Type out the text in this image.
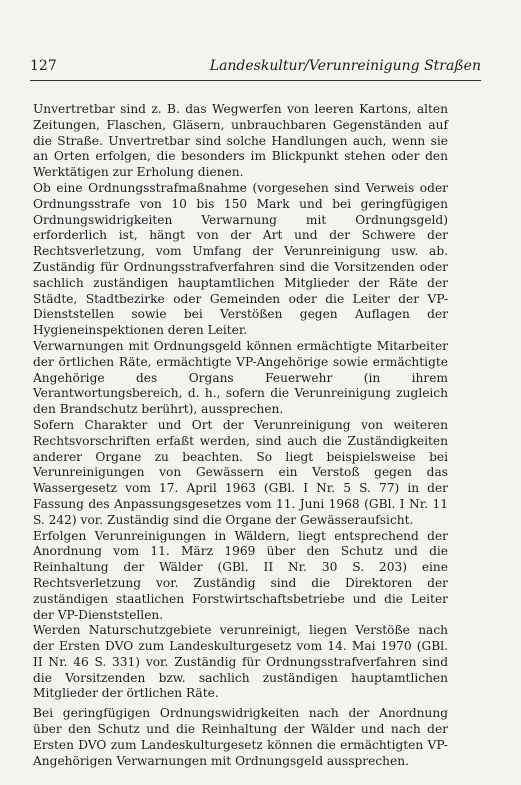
127	Landeskultur/Verunreinigung Straßen

Unvertretbar sind z. B. das Wegwerfen von leeren Kartons, alten Zeitungen, Flaschen, Gläsern, unbrauchbaren Gegenständen auf die Straße. Unvertretbar sind solche Handlungen auch, wenn sie an Orten erfolgen, die besonders im Blickpunkt stehen oder den Werktätigen zur Erholung dienen.

Ob eine Ordnungsstrafmaßnahme (vorgesehen sind Verweis oder Ordnungsstrafe von 10 bis 150 Mark und bei geringfügigen Ordnungswidrigkeiten Verwarnung mit Ordnungsgeld) erforderlich ist, hängt von der Art und der Schwere der Rechtsverletzung, vom Umfang der Verunreinigung usw. ab. Zuständig für Ordnungsstrafverfahren sind die Vorsitzenden oder sachlich zuständigen hauptamtlichen Mitglieder der Räte der Städte, Stadtbezirke oder Gemeinden oder die Leiter der VP-Dienststellen sowie bei Verstößen gegen Auflagen der Hygieneinspektionen deren Leiter.

Verwarnungen mit Ordnungsgeld können ermächtigte Mitarbeiter der örtlichen Räte, ermächtigte VP-Angehörige sowie ermächtigte Angehörige des Organs Feuerwehr (in ihrem Verantwortungsbereich, d. h., sofern die Verunreinigung zugleich den Brandschutz berührt), aussprechen.

Sofern Charakter und Ort der Verunreinigung von weiteren Rechtsvorschriften erfaßt werden, sind auch die Zuständigkeiten anderer Organe zu beachten. So liegt beispielsweise bei Verunreinigungen von Gewässern ein Verstoß gegen das Wassergesetz vom 17. April 1963 (GBl. I Nr. 5 S. 77) in der Fassung des Anpassungsgesetzes vom 11. Juni 1968 (GBl. I Nr. 11 S. 242) vor. Zuständig sind die Organe der Gewässeraufsicht.

Erfolgen Verunreinigungen in Wäldern, liegt entsprechend der Anordnung vom 11. März 1969 über den Schutz und die Reinhaltung der Wälder (GBl. II Nr. 30 S. 203) eine Rechtsverletzung vor. Zuständig sind die Direktoren der zuständigen staatlichen Forstwirtschaftsbetriebe und die Leiter der VP-Dienststellen.

Werden Naturschutzgebiete verunreinigt, liegen Verstöße nach der Ersten DVO zum Landeskulturgesetz vom 14. Mai 1970 (GBl. II Nr. 46 S. 331) vor. Zuständig für Ordnungsstrafverfahren sind die Vorsitzenden bzw. sachlich zuständigen hauptamtlichen Mitglieder der örtlichen Räte.

Bei geringfügigen Ordnungswidrigkeiten nach der Anordnung über den Schutz und die Reinhaltung der Wälder und nach der Ersten DVO zum Landeskulturgesetz können die ermächtigten VP-Angehörigen Verwarnungen mit Ordnungsgeld aussprechen.
